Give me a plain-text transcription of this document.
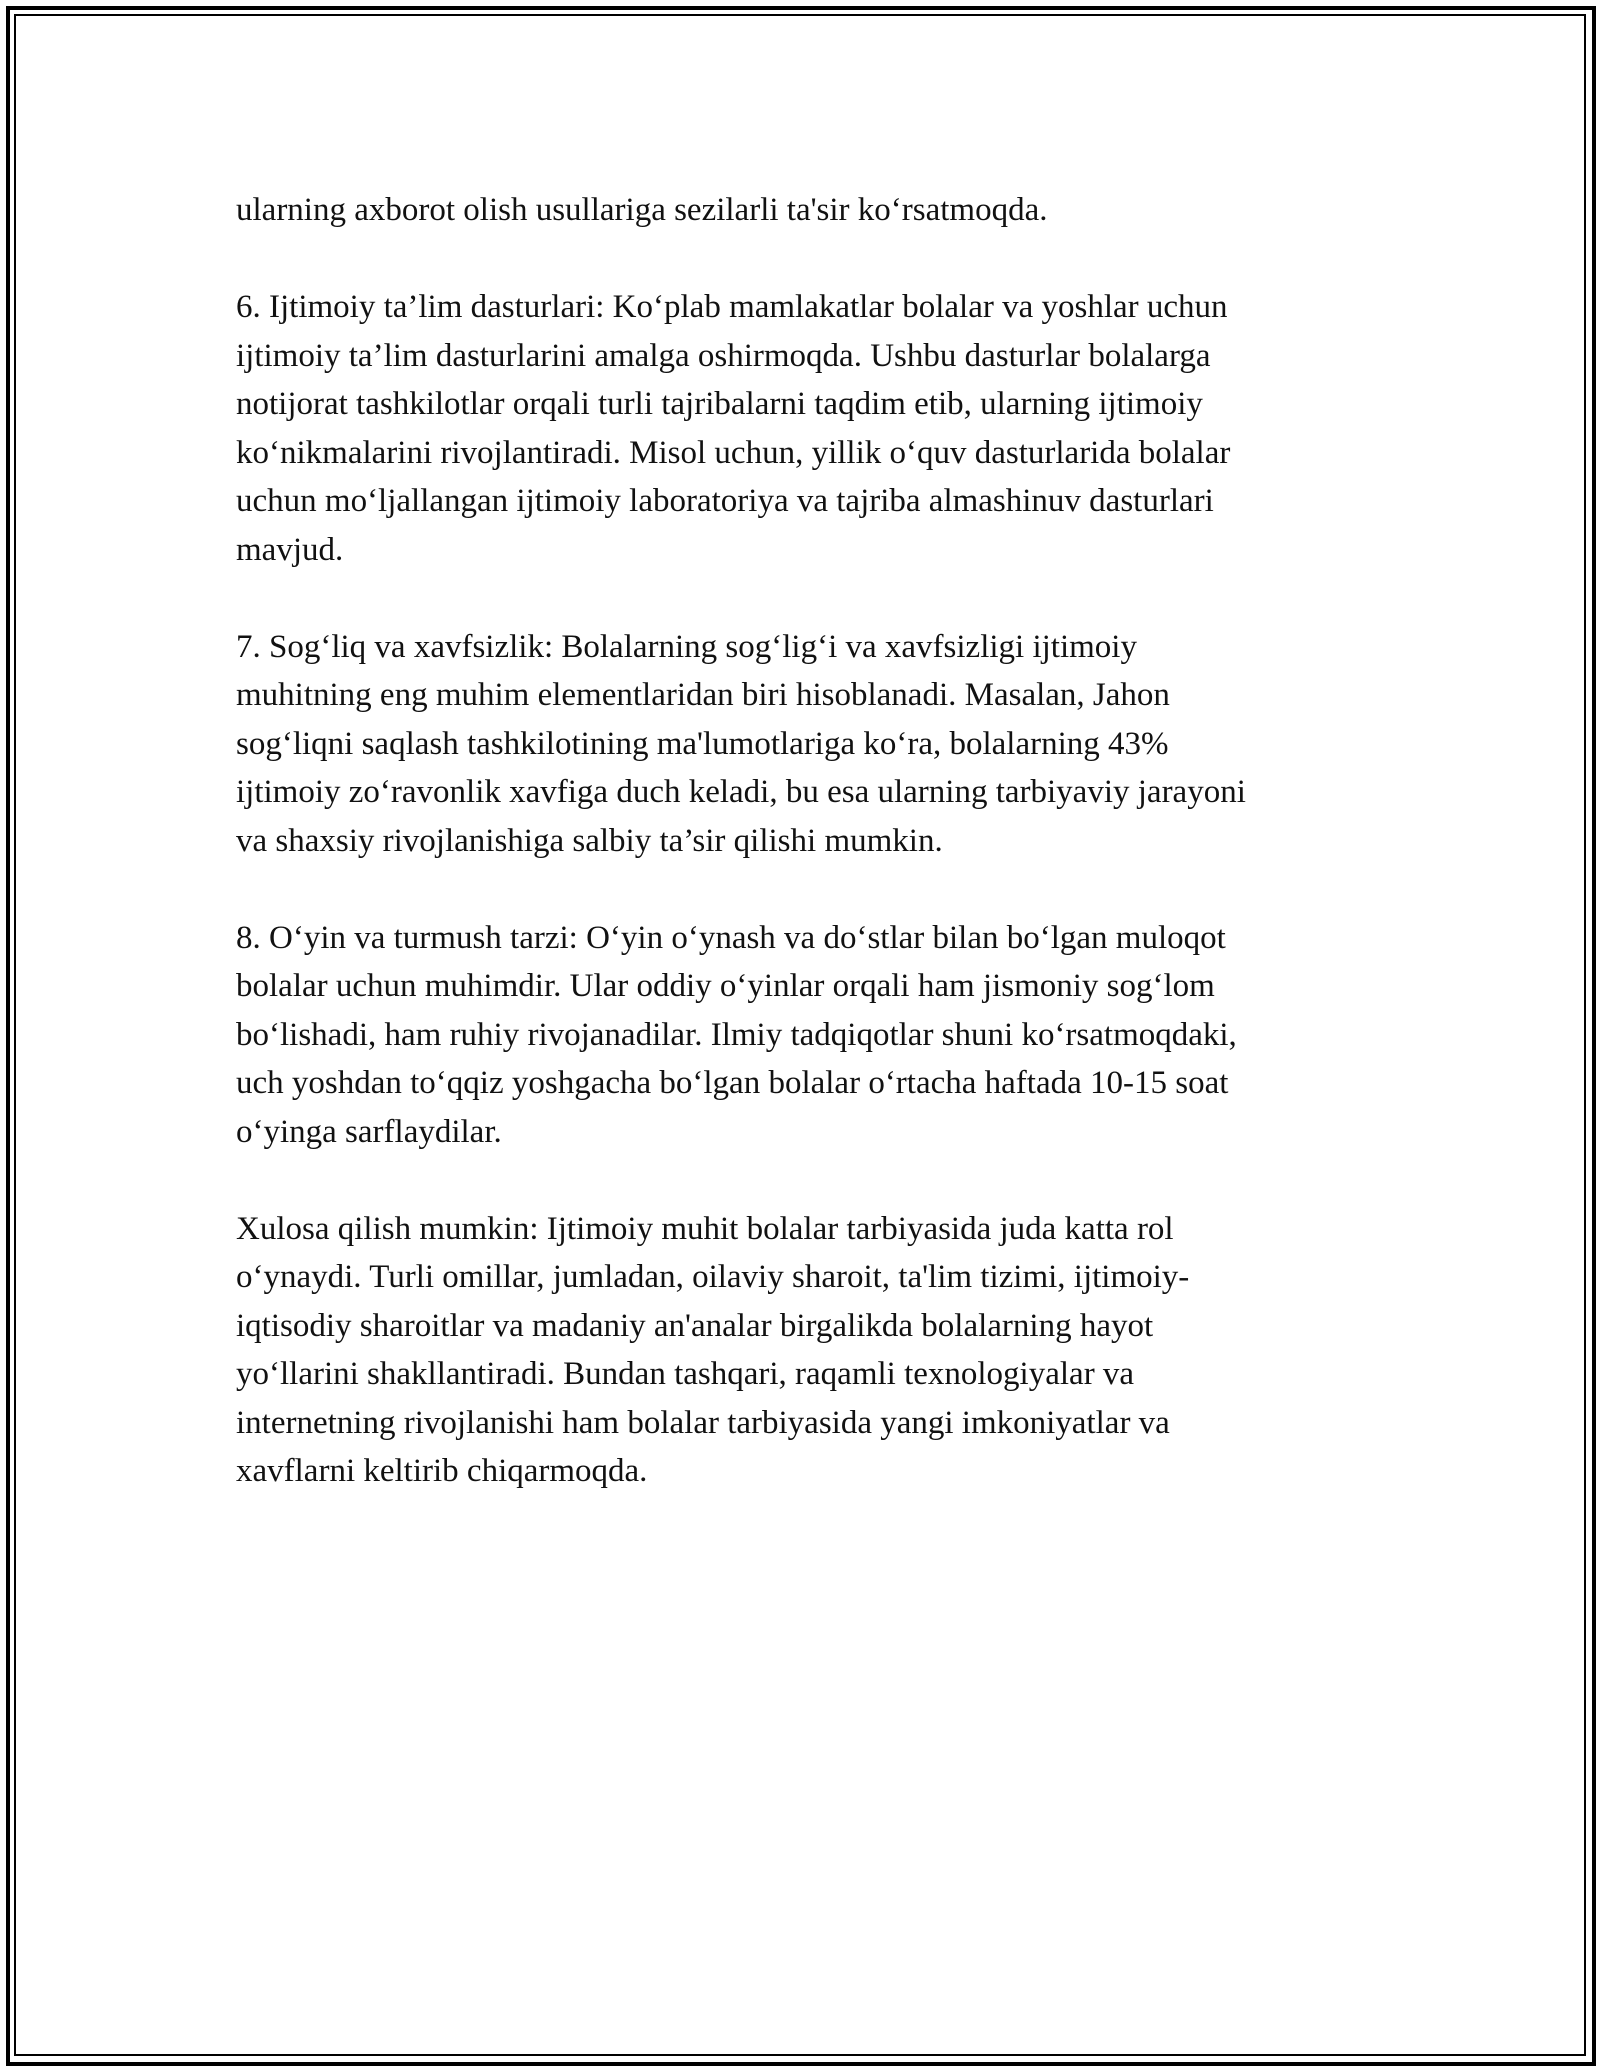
ularning axborot olish usullariga sezilarli ta'sir ko‘rsatmoqda.

6. Ijtimoiy ta’lim dasturlari: Ko‘plab mamlakatlar bolalar va yoshlar uchun
ijtimoiy ta’lim dasturlarini amalga oshirmoqda. Ushbu dasturlar bolalarga
notijorat tashkilotlar orqali turli tajribalarni taqdim etib, ularning ijtimoiy
ko‘nikmalarini rivojlantiradi. Misol uchun, yillik o‘quv dasturlarida bolalar
uchun mo‘ljallangan ijtimoiy laboratoriya va tajriba almashinuv dasturlari
mavjud.

7. Sog‘liq va xavfsizlik: Bolalarning sog‘lig‘i va xavfsizligi ijtimoiy
muhitning eng muhim elementlaridan biri hisoblanadi. Masalan, Jahon
sog‘liqni saqlash tashkilotining ma'lumotlariga ko‘ra, bolalarning 43%
ijtimoiy zo‘ravonlik xavfiga duch keladi, bu esa ularning tarbiyaviy jarayoni
va shaxsiy rivojlanishiga salbiy ta’sir qilishi mumkin.

8. O‘yin va turmush tarzi: O‘yin o‘ynash va do‘stlar bilan bo‘lgan muloqot
bolalar uchun muhimdir. Ular oddiy o‘yinlar orqali ham jismoniy sog‘lom
bo‘lishadi, ham ruhiy rivojanadilar. Ilmiy tadqiqotlar shuni ko‘rsatmoqdaki,
uch yoshdan to‘qqiz yoshgacha bo‘lgan bolalar o‘rtacha haftada 10-15 soat
o‘yinga sarflaydilar.

Xulosa qilish mumkin: Ijtimoiy muhit bolalar tarbiyasida juda katta rol
o‘ynaydi. Turli omillar, jumladan, oilaviy sharoit, ta'lim tizimi, ijtimoiy-
iqtisodiy sharoitlar va madaniy an'analar birgalikda bolalarning hayot
yo‘llarini shakllantiradi. Bundan tashqari, raqamli texnologiyalar va
internetning rivojlanishi ham bolalar tarbiyasida yangi imkoniyatlar va
xavflarni keltirib chiqarmoqda.
